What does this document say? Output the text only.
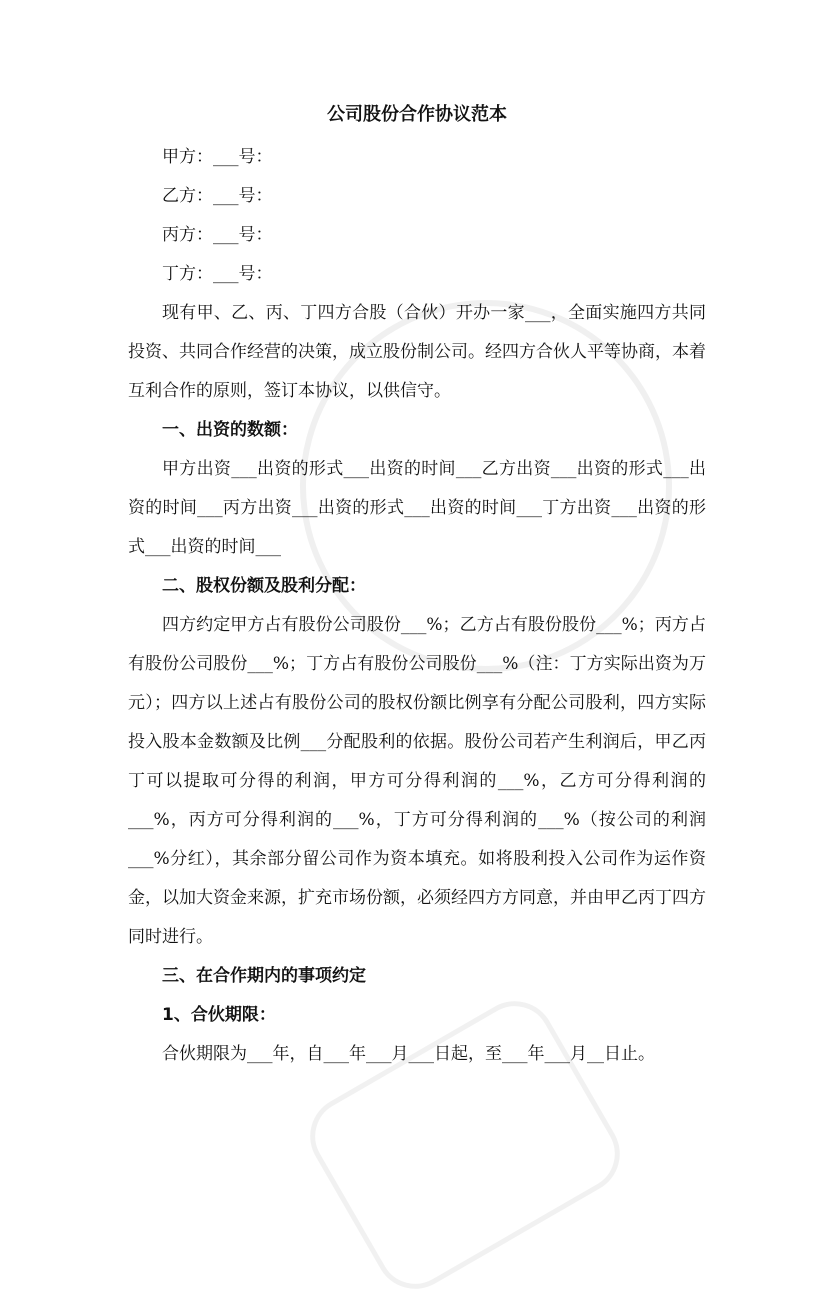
公司股份合作协议范本

甲方：___号：

乙方：___号：

丙方：___号：

丁方：___号：

现有甲、乙、丙、丁四方合股（合伙）开办一家___，全面实施四方共同投资、共同合作经营的决策，成立股份制公司。经四方合伙人平等协商，本着互利合作的原则，签订本协议，以供信守。

一、出资的数额：

甲方出资___出资的形式___出资的时间___乙方出资___出资的形式___出资的时间___丙方出资___出资的形式___出资的时间___丁方出资___出资的形式___出资的时间___

二、股权份额及股利分配：

四方约定甲方占有股份公司股份___%；乙方占有股份股份___%；丙方占有股份公司股份___%；丁方占有股份公司股份___%（注：丁方实际出资为万元）；四方以上述占有股份公司的股权份额比例享有分配公司股利，四方实际投入股本金数额及比例___分配股利的依据。股份公司若产生利润后，甲乙丙丁可以提取可分得的利润，甲方可分得利润的___%，乙方可分得利润的___%，丙方可分得利润的___%，丁方可分得利润的___%（按公司的利润___%分红），其余部分留公司作为资本填充。如将股利投入公司作为运作资金，以加大资金来源，扩充市场份额，必须经四方方同意，并由甲乙丙丁四方同时进行。

三、在合作期内的事项约定

1、合伙期限：

合伙期限为___年，自___年___月___日起，至___年___月__日止。
